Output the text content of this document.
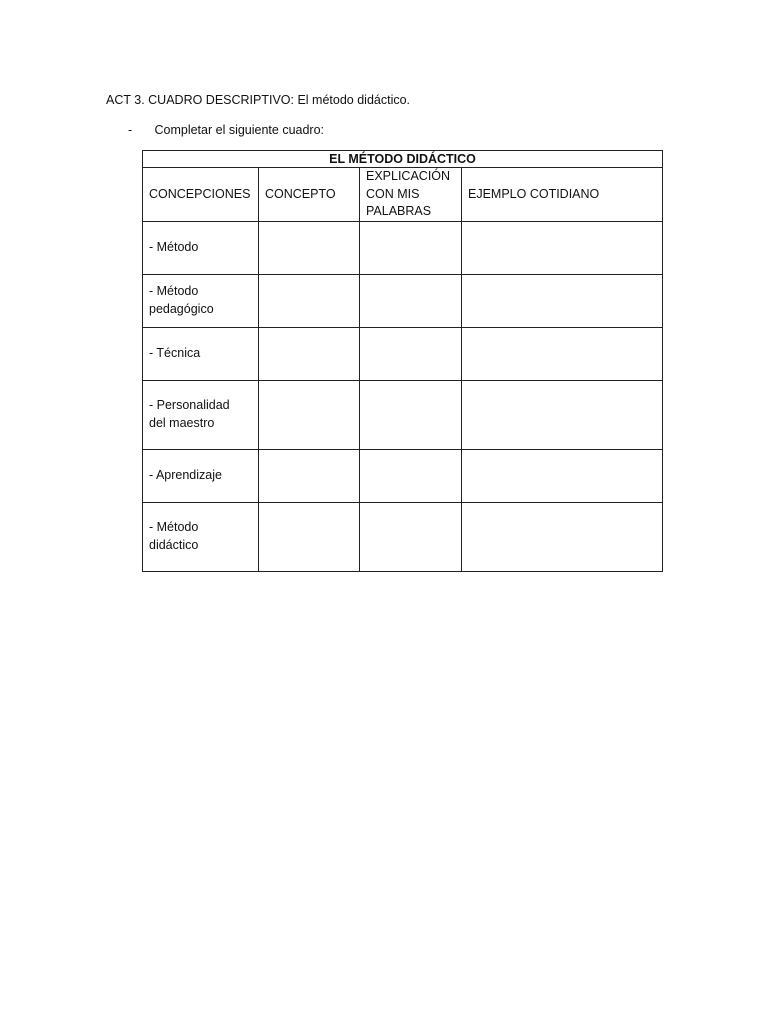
ACT 3. CUADRO DESCRIPTIVO: El método didáctico.
- Completar el siguiente cuadro:
EL MÉTODO DIDÁCTICO			
CONCEPCIONES	CONCEPTO	EXPLICACIÓN
CON MIS
PALABRAS	EJEMPLO COTIDIANO
- Método			
- Método
pedagógico			
- Técnica			
- Personalidad
del maestro			
- Aprendizaje			
- Método
didáctico			
